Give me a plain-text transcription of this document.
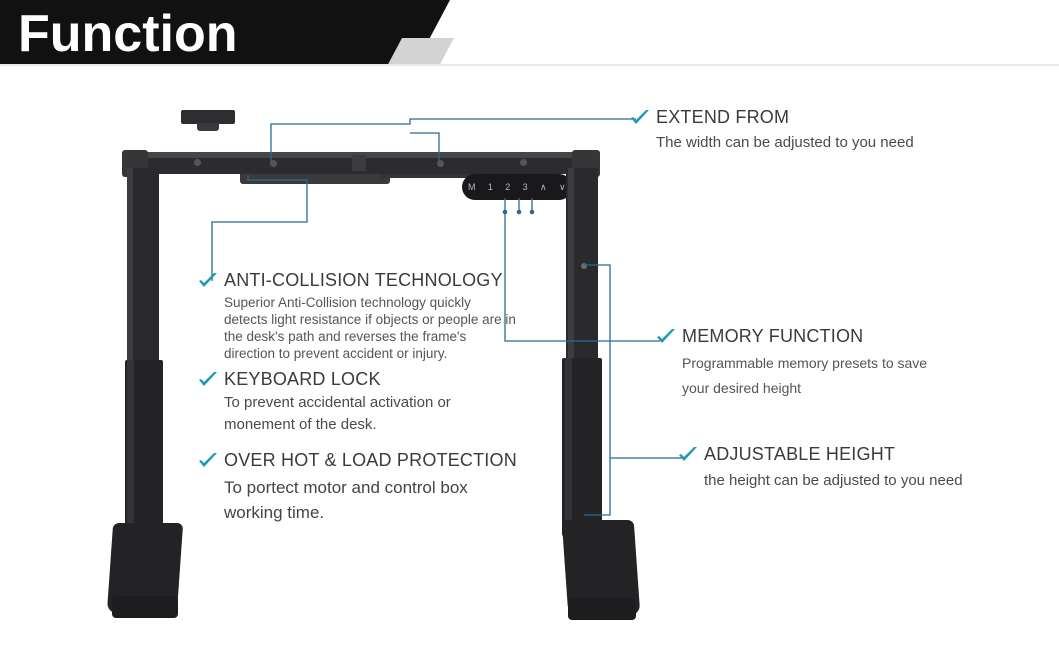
Function
M 1 2 3 ∧ ∨
EXTEND FROM
The width can be adjusted to you need
ANTI-COLLISION TECHNOLOGY
Superior Anti-Collision technology quickly detects light resistance if objects or people are in the desk's path and reverses the frame's direction to prevent accident or injury.
KEYBOARD LOCK
To prevent accidental activation or monement of the desk.
OVER HOT & LOAD PROTECTION
To portect motor and control box working time.
MEMORY FUNCTION
Programmable memory presets to save your desired height
ADJUSTABLE HEIGHT
the height can be adjusted to you need
